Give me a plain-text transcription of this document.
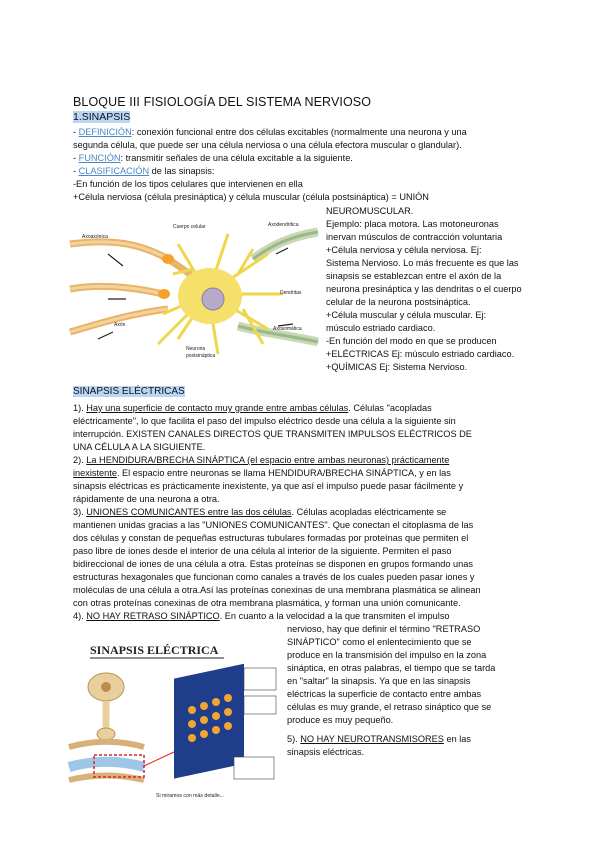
BLOQUE III FISIOLOGÍA DEL SISTEMA NERVIOSO
1.SINAPSIS
- DEFINICIÓN: conexión funcional entre dos células excitables (normalmente una neurona y una
segunda célula, que puede ser una célula nerviosa o una célula efectora muscular o glandular).
- FUNCIÓN: transmitir señales de una célula excitable a la siguiente.
- CLASIFICACIÓN de las sinapsis:
-En función de los tipos celulares que intervienen en ella
+Célula nerviosa (célula presináptica) y célula muscular (célula postsináptica) = UNIÓN
Cuerpo celular	Axodendrítica
Axoaxónica
Dendritas
Axón
Axosomática
Neurona
postsináptica
NEUROMUSCULAR.
Ejemplo: placa motora. Las motoneuronas
inervan músculos de contracción voluntaria
+Célula nerviosa y célula nerviosa. Ej:
Sistema Nervioso. Lo más frecuente es que las
sinapsis se establezcan entre el axón de la
neurona presináptica y las dendritas o el cuerpo
celular de la neurona postsináptica.
+Célula muscular y célula muscular. Ej:
músculo estriado cardiaco.
-En función del modo en que se producen
+ELÉCTRICAS Ej: músculo estriado cardiaco.
+QUÍMICAS Ej: Sistema Nervioso.
SINAPSIS ELÉCTRICAS
1). Hay una superficie de contacto muy grande entre ambas células. Células "acopladas
eléctricamente", lo que facilita el paso del impulso eléctrico desde una célula a la siguiente sin
interrupción. EXISTEN CANALES DIRECTOS QUE TRANSMITEN IMPULSOS ELÉCTRICOS DE
UNA CÉLULA A LA SIGUIENTE.
2). La HENDIDURA/BRECHA SINÁPTICA (el espacio entre ambas neuronas) prácticamente
inexistente. El espacio entre neuronas se llama HENDIDURA/BRECHA SINÁPTICA, y en las
sinapsis eléctricas es prácticamente inexistente, ya que así el impulso puede pasar fácilmente y
rápidamente de una neurona a otra.
3). UNIONES COMUNICANTES entre las dos células. Células acopladas eléctricamente se
mantienen unidas gracias a las "UNIONES COMUNICANTES". Que conectan el citoplasma de las
dos células y constan de pequeñas estructuras tubulares formadas por proteínas que permiten el
paso libre de iones desde el interior de una célula al interior de la siguiente. Permiten el paso
bidireccional de iones de una célula a otra. Estas proteínas se disponen en grupos formando unas
estructuras hexagonales que funcionan como canales a través de los cuales pueden pasar iones y
moléculas de una célula a otra.Así las proteínas conexinas de una membrana plasmática se alinean
con otras proteínas conexinas de otra membrana plasmática, y forman una unión comunicante.
4). NO HAY RETRASO SINÁPTICO. En cuanto a la velocidad a la que transmiten el impulso
SINAPSIS ELÉCTRICA
Si miramos con más detalle...
nervioso, hay que definir el término "RETRASO
SINÁPTICO" como el enlentecimiento que se
produce en la transmisión del impulso en la zona
sináptica, en otras palabras, el tiempo que se tarda
en "saltar" la sinapsis. Ya que en las sinapsis
eléctricas la superficie de contacto entre ambas
células es muy grande, el retraso sináptico que se
produce es muy pequeño.
5). NO HAY NEUROTRANSMISORES en las
sinapsis eléctricas.
